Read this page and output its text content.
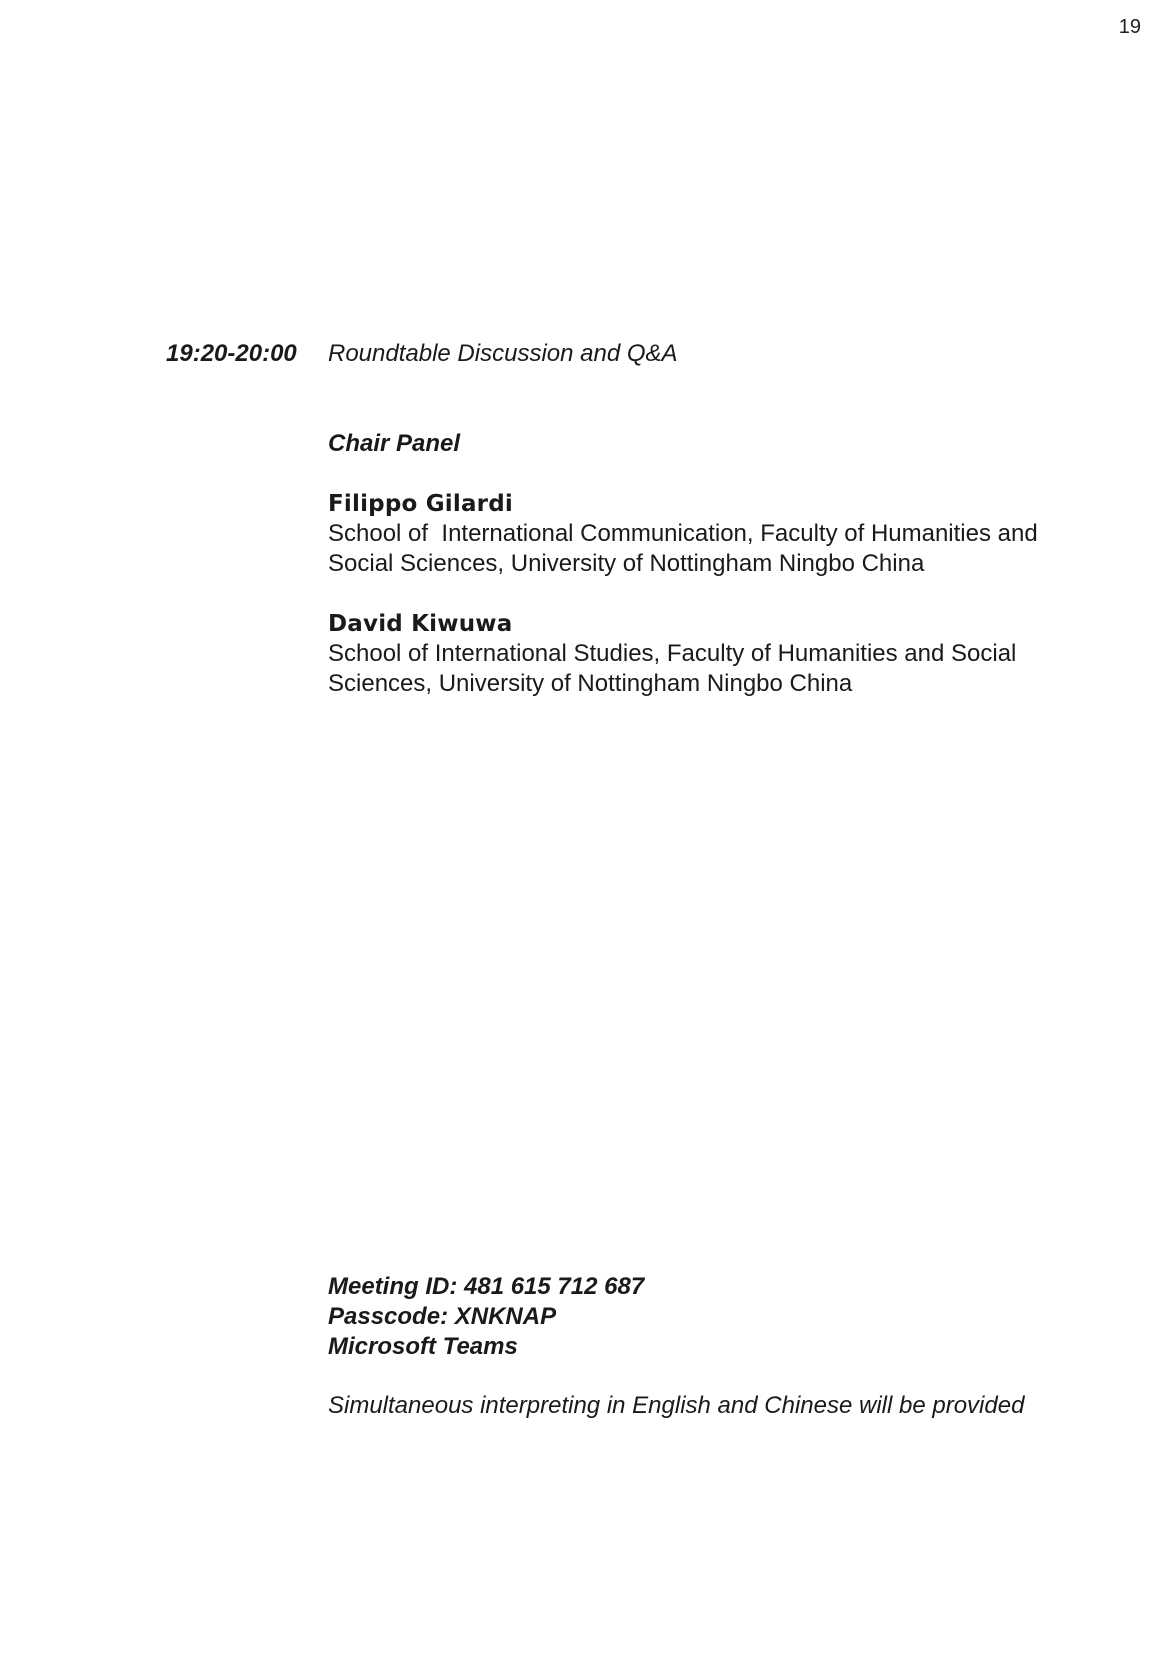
19
19:20-20:00 Roundtable Discussion and Q&A
Chair Panel
Filippo Gilardi
School of  International Communication, Faculty of Humanities and
Social Sciences, University of Nottingham Ningbo China
David Kiwuwa
School of International Studies, Faculty of Humanities and Social
Sciences, University of Nottingham Ningbo China
Meeting ID: 481 615 712 687
Passcode: XNKNAP
Microsoft Teams
Simultaneous interpreting in English and Chinese will be provided
